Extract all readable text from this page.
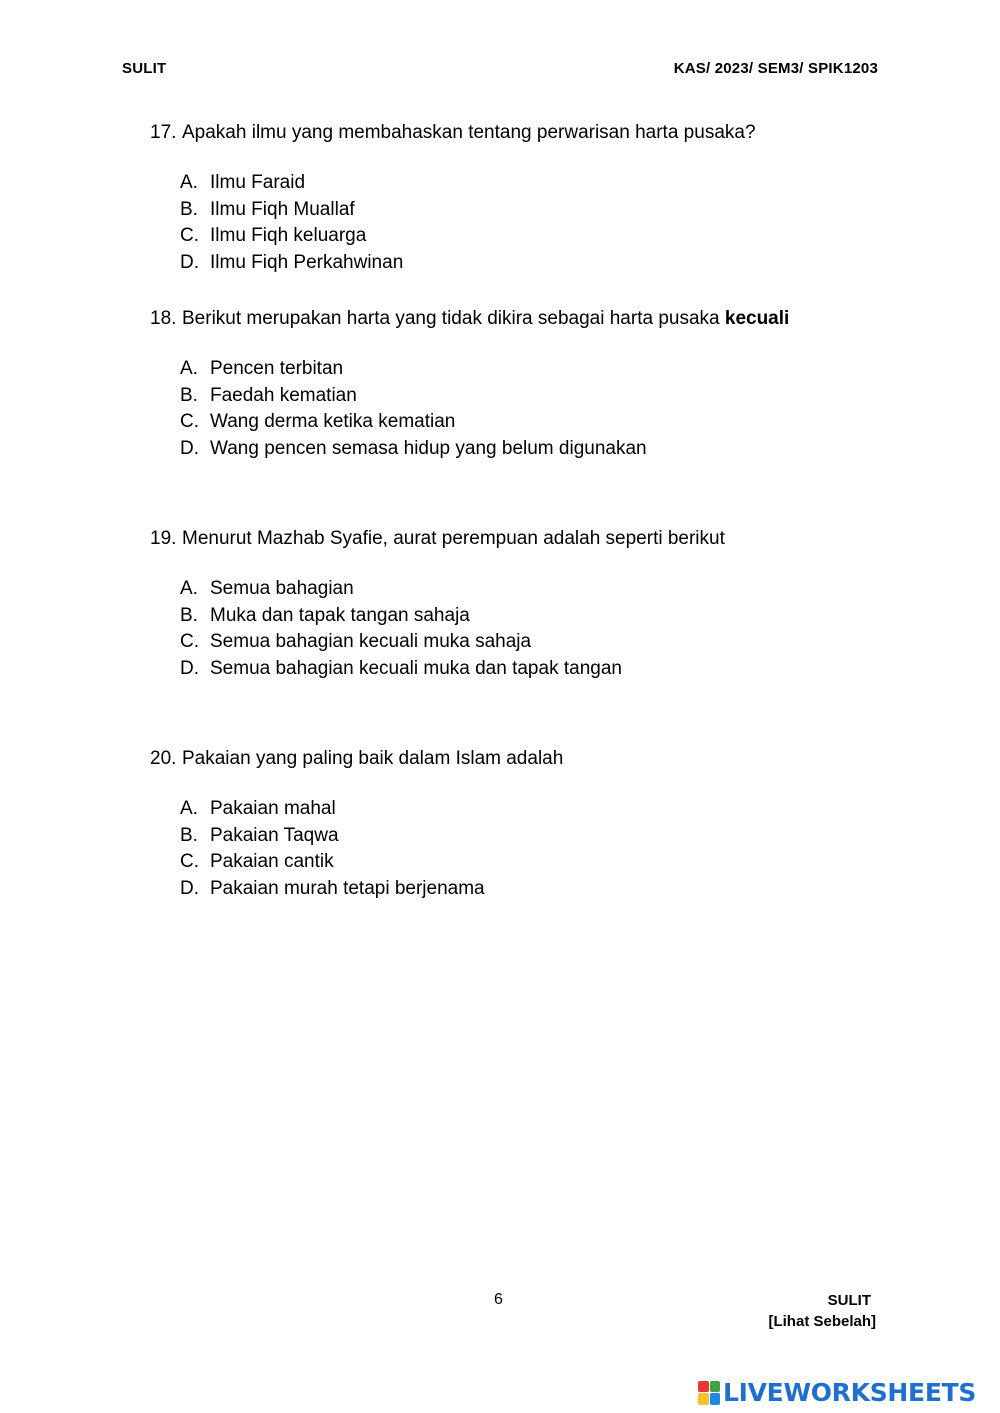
SULIT	KAS/ 2023/ SEM3/ SPIK1203
17. Apakah ilmu yang membahaskan tentang perwarisan harta pusaka?
A. Ilmu Faraid
B. Ilmu Fiqh Muallaf
C. Ilmu Fiqh keluarga
D. Ilmu Fiqh Perkahwinan
18. Berikut merupakan harta yang tidak dikira sebagai harta pusaka kecuali
A. Pencen terbitan
B. Faedah kematian
C. Wang derma ketika kematian
D. Wang pencen semasa hidup yang belum digunakan
19. Menurut Mazhab Syafie, aurat perempuan adalah seperti berikut
A. Semua bahagian
B. Muka dan tapak tangan sahaja
C. Semua bahagian kecuali muka sahaja
D. Semua bahagian kecuali muka dan tapak tangan
20. Pakaian yang paling baik dalam Islam adalah
A. Pakaian mahal
B. Pakaian Taqwa
C. Pakaian cantik
D. Pakaian murah tetapi berjenama
6	SULIT
[Lihat Sebelah]
LIVEWORKSHEETS
